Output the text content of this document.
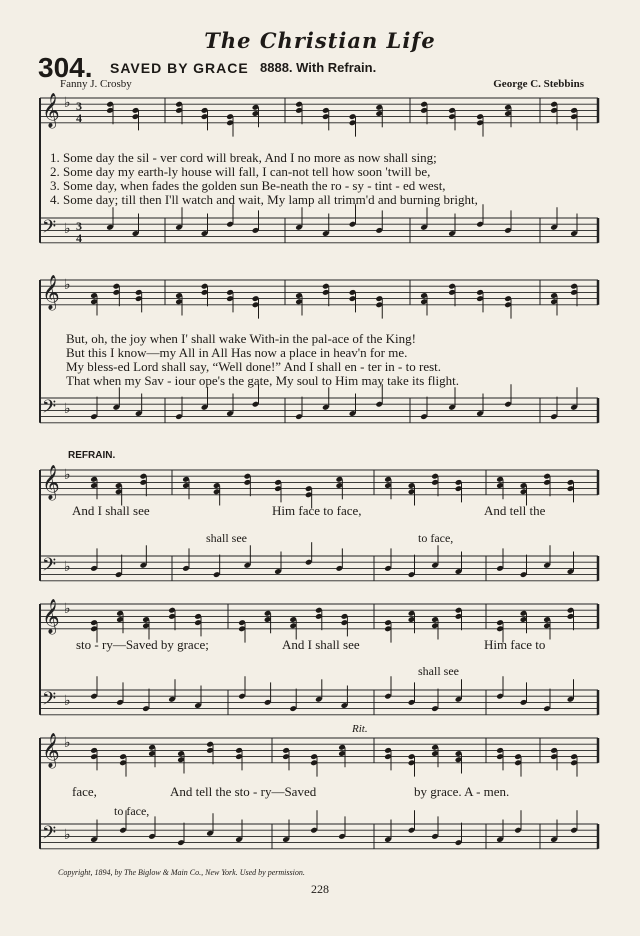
The Christian Life
304. SAVED BY GRACE 8888. With Refrain.
Fanny J. Crosby	George C. Stebbins
𝄞 ♭ 3
4
𝄢 ♭ 3
4
𝄞 ♭
𝄢 ♭
𝄞 ♭
𝄢 ♭
𝄞 ♭
𝄢 ♭
𝄞 ♭
𝄢 ♭
1. Some day the sil - ver cord will break, And I no more as now shall sing;
2. Some day my earth-ly house will fall, I can-not tell how soon 'twill be,
3. Some day, when fades the golden sun Be-neath the ro - sy - tint - ed west,
4. Some day; till then I'll watch and wait, My lamp all trimm'd and burning bright,
But, oh, the joy when I' shall wake With-in the pal-ace of the King!
But this I know—my All in All Has now a place in heav'n for me.
My bless-ed Lord shall say, “Well done!” And I shall en - ter in - to rest.
That when my Sav - iour ope's the gate, My soul to Him may take its flight.
REFRAIN.
And I shall see	Him face to face,	And tell the
shall see	to face,
sto - ry—Saved by grace;	And I shall see	Him face to
shall see
Rit.
face,	And tell the sto - ry—Saved	by grace. A - men.
to face,
Copyright, 1894, by The Biglow & Main Co., New York. Used by permission.
228
